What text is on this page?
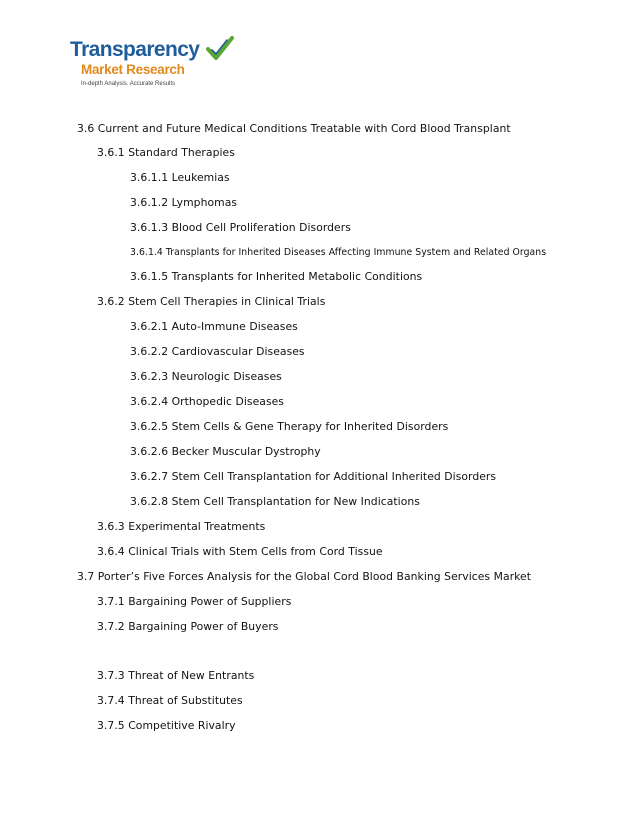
Transparency
Market Research
In-depth Analysis. Accurate Results
3.6 Current and Future Medical Conditions Treatable with Cord Blood Transplant
3.6.1 Standard Therapies
3.6.1.1 Leukemias
3.6.1.2 Lymphomas
3.6.1.3 Blood Cell Proliferation Disorders
3.6.1.4 Transplants for Inherited Diseases Affecting Immune System and Related Organs
3.6.1.5 Transplants for Inherited Metabolic Conditions
3.6.2 Stem Cell Therapies in Clinical Trials
3.6.2.1 Auto-Immune Diseases
3.6.2.2 Cardiovascular Diseases
3.6.2.3 Neurologic Diseases
3.6.2.4 Orthopedic Diseases
3.6.2.5 Stem Cells & Gene Therapy for Inherited Disorders
3.6.2.6 Becker Muscular Dystrophy
3.6.2.7 Stem Cell Transplantation for Additional Inherited Disorders
3.6.2.8 Stem Cell Transplantation for New Indications
3.6.3 Experimental Treatments
3.6.4 Clinical Trials with Stem Cells from Cord Tissue
3.7 Porter’s Five Forces Analysis for the Global Cord Blood Banking Services Market
3.7.1 Bargaining Power of Suppliers
3.7.2 Bargaining Power of Buyers
3.7.3 Threat of New Entrants
3.7.4 Threat of Substitutes
3.7.5 Competitive Rivalry
